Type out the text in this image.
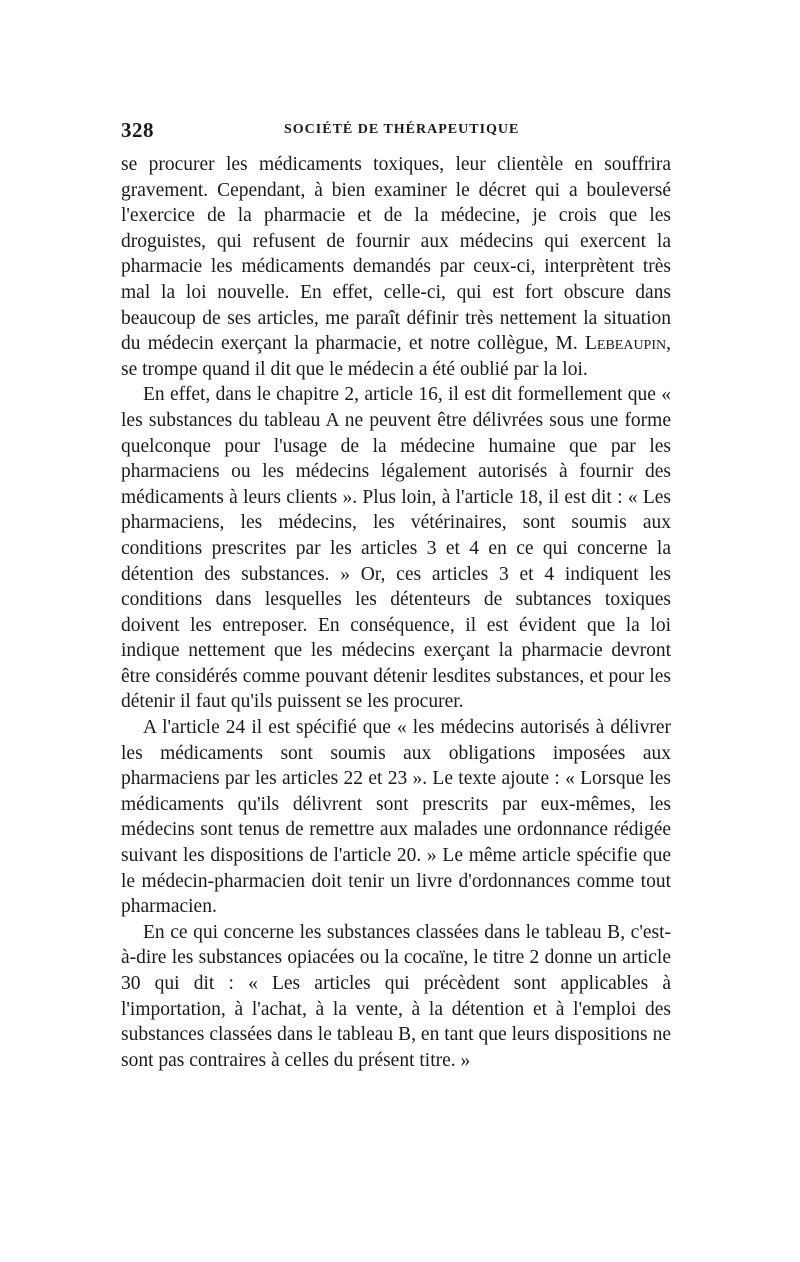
328	SOCIÉTÉ DE THÉRAPEUTIQUE

se procurer les médicaments toxiques, leur clientèle en souffrira gravement. Cependant, à bien examiner le décret qui a bouleversé l'exercice de la pharmacie et de la médecine, je crois que les droguistes, qui refusent de fournir aux médecins qui exercent la pharmacie les médicaments demandés par ceux-ci, interprètent très mal la loi nouvelle. En effet, celle-ci, qui est fort obscure dans beaucoup de ses articles, me paraît définir très nettement la situation du médecin exerçant la pharmacie, et notre collègue, M. Lebeaupin, se trompe quand il dit que le médecin a été oublié par la loi.

En effet, dans le chapitre 2, article 16, il est dit formellement que « les substances du tableau A ne peuvent être délivrées sous une forme quelconque pour l'usage de la médecine humaine que par les pharmaciens ou les médecins légalement autorisés à fournir des médicaments à leurs clients ». Plus loin, à l'article 18, il est dit : « Les pharmaciens, les médecins, les vétérinaires, sont soumis aux conditions prescrites par les articles 3 et 4 en ce qui concerne la détention des substances. » Or, ces articles 3 et 4 indiquent les conditions dans lesquelles les détenteurs de subtances toxiques doivent les entreposer. En conséquence, il est évident que la loi indique nettement que les médecins exerçant la pharmacie devront être considérés comme pouvant détenir lesdites substances, et pour les détenir il faut qu'ils puissent se les procurer.

A l'article 24 il est spécifié que « les médecins autorisés à délivrer les médicaments sont soumis aux obligations imposées aux pharmaciens par les articles 22 et 23 ». Le texte ajoute : « Lorsque les médicaments qu'ils délivrent sont prescrits par eux-mêmes, les médecins sont tenus de remettre aux malades une ordonnance rédigée suivant les dispositions de l'article 20. » Le même article spécifie que le médecin-pharmacien doit tenir un livre d'ordonnances comme tout pharmacien.

En ce qui concerne les substances classées dans le tableau B, c'est-à-dire les substances opiacées ou la cocaïne, le titre 2 donne un article 30 qui dit : « Les articles qui précèdent sont applicables à l'importation, à l'achat, à la vente, à la détention et à l'emploi des substances classées dans le tableau B, en tant que leurs dispositions ne sont pas contraires à celles du présent titre. »
